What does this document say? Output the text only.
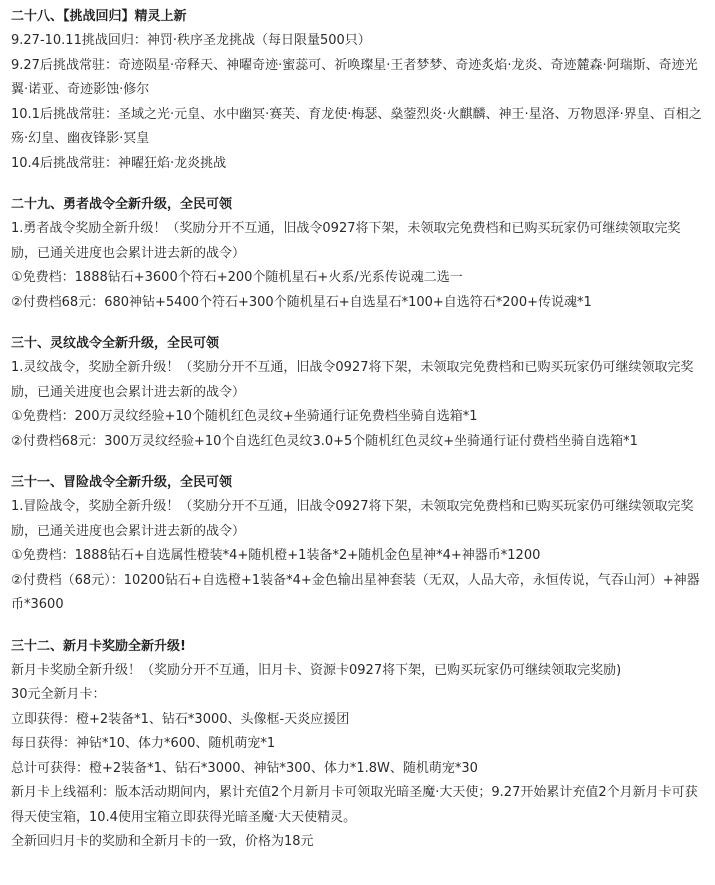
二十八、【挑战回归】精灵上新

9.27-10.11挑战回归：神罚·秩序圣龙挑战（每日限量500只）

9.27后挑战常驻：奇迹陨星·帝释天、神曜奇迹·蜜蕊可、祈唤璨星·王者梦梦、奇迹炙焰·龙炎、奇迹麓森·阿瑞斯、奇迹光翼·诺亚、奇迹影蚀·修尔

10.1后挑战常驻：圣域之光·元皇、水中幽冥·赛芙、育龙使·梅瑟、燊蓥烈炎·火麒麟、神王·星洛、万物恩泽·界皇、百相之殇·幻皇、幽夜锋影·冥皇

10.4后挑战常驻：神曜狂焰·龙炎挑战

二十九、勇者战令全新升级，全民可领

1.勇者战令奖励全新升级！（奖励分开不互通，旧战令0927将下架，未领取完免费档和已购买玩家仍可继续领取完奖励，已通关进度也会累计进去新的战令）

①免费档：1888钻石+3600个符石+200个随机星石+火系/光系传说魂二选一

②付费档68元：680神钻+5400个符石+300个随机星石+自选星石*100+自选符石*200+传说魂*1

三十、灵纹战令全新升级，全民可领

1.灵纹战令，奖励全新升级！（奖励分开不互通，旧战令0927将下架，未领取完免费档和已购买玩家仍可继续领取完奖励，已通关进度也会累计进去新的战令）

①免费档：200万灵纹经验+10个随机红色灵纹+坐骑通行证免费档坐骑自选箱*1

②付费档68元：300万灵纹经验+10个自选红色灵纹3.0+5个随机红色灵纹+坐骑通行证付费档坐骑自选箱*1

三十一、冒险战令全新升级，全民可领

1.冒险战令，奖励全新升级！（奖励分开不互通，旧战令0927将下架，未领取完免费档和已购买玩家仍可继续领取完奖励，已通关进度也会累计进去新的战令）

①免费档：1888钻石+自选属性橙装*4+随机橙+1装备*2+随机金色星神*4+神器币*1200

②付费档（68元）：10200钻石+自选橙+1装备*4+金色输出星神套装（无双，人品大帝，永恒传说，气吞山河）+神器币*3600

三十二、新月卡奖励全新升级!

新月卡奖励全新升级！（奖励分开不互通，旧月卡、资源卡0927将下架，已购买玩家仍可继续领取完奖励)

30元全新月卡：

立即获得：橙+2装备*1、钻石*3000、头像框-天炎应援团

每日获得：神钻*10、体力*600、随机萌宠*1

总计可获得：橙+2装备*1、钻石*3000、神钻*300、体力*1.8W、随机萌宠*30

新月卡上线福利：版本活动期间内，累计充值2个月新月卡可领取光暗圣魔·大天使；9.27开始累计充值2个月新月卡可获得天使宝箱，10.4使用宝箱立即获得光暗圣魔·大天使精灵。

全新回归月卡的奖励和全新月卡的一致，价格为18元
